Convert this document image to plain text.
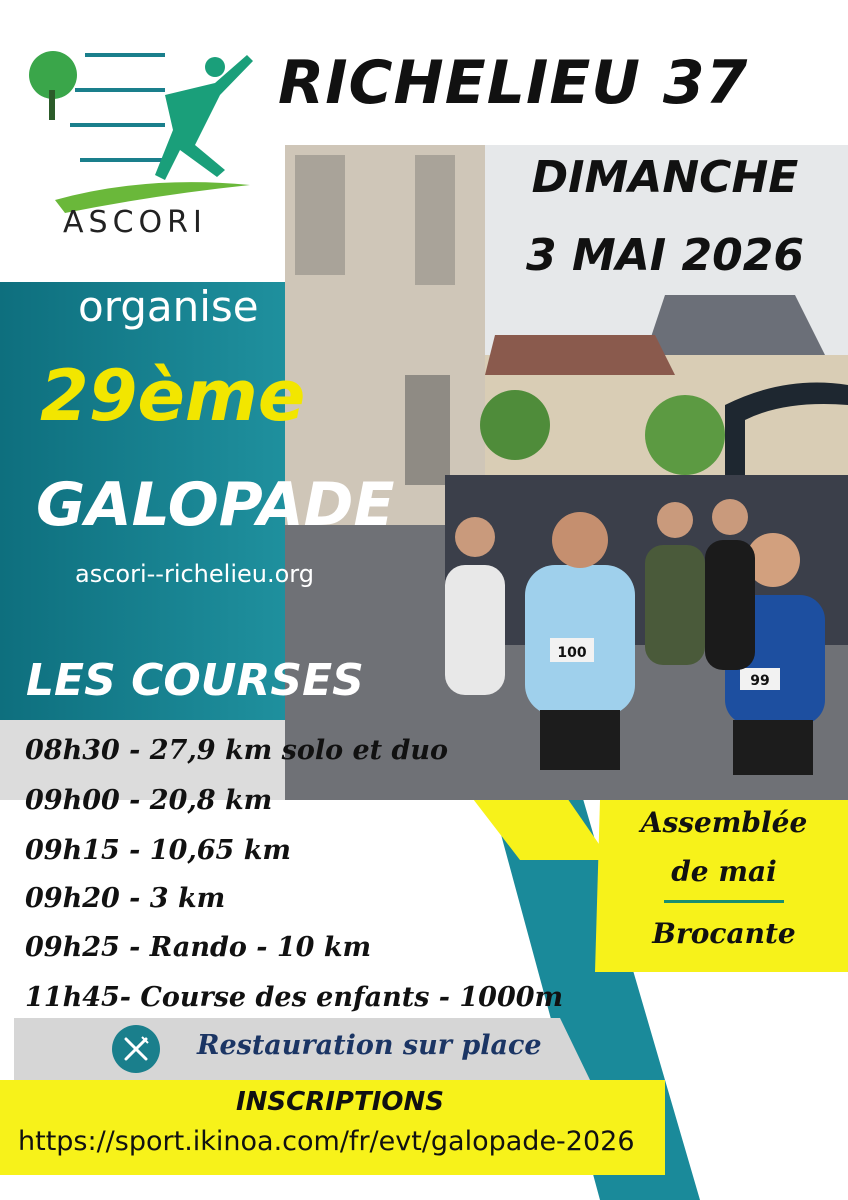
100
99
ASCORI
RICHELIEU 37
DIMANCHE
3 MAI 2026
organise
29ème
GALOPADE
ascori--richelieu.org
LES COURSES
08h30 - 27,9 km solo et duo
09h00 - 20,8 km
09h15 - 10,65 km
09h20 - 3 km
09h25 - Rando - 10 km
11h45- Course des enfants - 1000m
Assemblée
de mai
Brocante
Restauration sur place
INSCRIPTIONS
https://sport.ikinoa.com/fr/evt/galopade-2026
